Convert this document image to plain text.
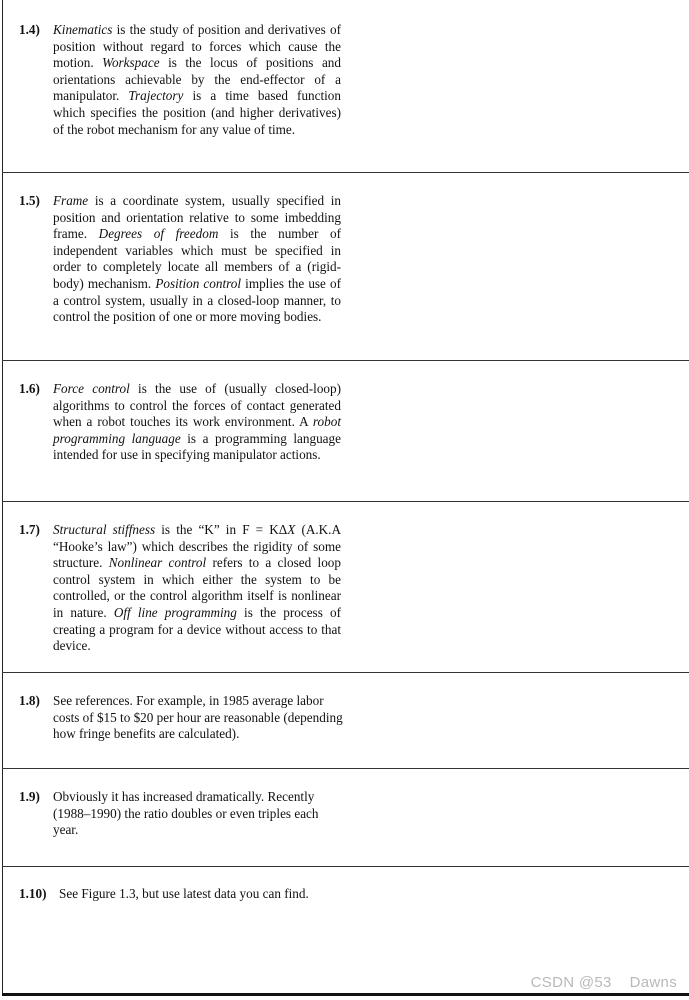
1.4) Kinematics is the study of position and derivatives of position without regard to forces which cause the motion. Workspace is the locus of positions and orientations achievable by the end-effector of a manipulator. Trajectory is a time based function which specifies the position (and higher derivatives) of the robot mechanism for any value of time.
1.5) Frame is a coordinate system, usually specified in position and orientation relative to some imbedding frame. Degrees of freedom is the number of independent variables which must be specified in order to completely locate all members of a (rigid-body) mechanism. Position control implies the use of a control system, usually in a closed-loop manner, to control the position of one or more moving bodies.
1.6) Force control is the use of (usually closed-loop) algorithms to control the forces of contact generated when a robot touches its work environment. A robot programming language is a programming language intended for use in specifying manipulator actions.
1.7) Structural stiffness is the “K” in F = KΔX (A.K.A “Hooke’s law”) which describes the rigidity of some structure. Nonlinear control refers to a closed loop control system in which either the system to be controlled, or the control algorithm itself is nonlinear in nature. Off line programming is the process of creating a program for a device without access to that device.
1.8) See references. For example, in 1985 average labor costs of $15 to $20 per hour are reasonable (depending how fringe benefits are calculated).
1.9) Obviously it has increased dramatically. Recently (1988–1990) the ratio doubles or even triples each year.
1.10) See Figure 1.3, but use latest data you can find.
CSDN @53 Dawns
